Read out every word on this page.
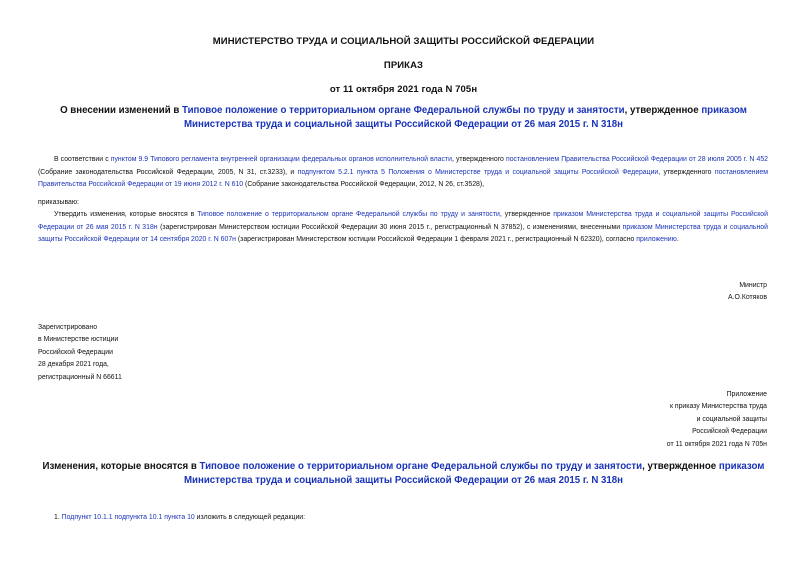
МИНИСТЕРСТВО ТРУДА И СОЦИАЛЬНОЙ ЗАЩИТЫ РОССИЙСКОЙ ФЕДЕРАЦИИ
ПРИКАЗ
от 11 октября 2021 года N 705н
О внесении изменений в Типовое положение о территориальном органе Федеральной службы по труду и занятости, утвержденное приказом Министерства труда и социальной защиты Российской Федерации от 26 мая 2015 г. N 318н
В соответствии с пунктом 9.9 Типового регламента внутренней организации федеральных органов исполнительной власти, утвержденного постановлением Правительства Российской Федерации от 28 июля 2005 г. N 452 (Собрание законодательства Российской Федерации, 2005, N 31, ст.3233), и подпунктом 5.2.1 пункта 5 Положения о Министерстве труда и социальной защиты Российской Федерации, утвержденного постановлением Правительства Российской Федерации от 19 июня 2012 г. N 610 (Собрание законодательства Российской Федерации, 2012, N 26, ст.3528),
приказываю:
Утвердить изменения, которые вносятся в Типовое положение о территориальном органе Федеральной службы по труду и занятости, утвержденное приказом Министерства труда и социальной защиты Российской Федерации от 26 мая 2015 г. N 318н (зарегистрирован Министерством юстиции Российской Федерации 30 июня 2015 г., регистрационный N 37852), с изменениями, внесенными приказом Министерства труда и социальной защиты Российской Федерации от 14 сентября 2020 г. N 607н (зарегистрирован Министерством юстиции Российской Федерации 1 февраля 2021 г., регистрационный N 62320), согласно приложению.
Министр
А.О.Котяков
Зарегистрировано
в Министерстве юстиции
Российской Федерации
28 декабря 2021 года,
регистрационный N 66611
Приложение
к приказу Министерства труда
и социальной защиты
Российской Федерации
от 11 октября 2021 года N 705н
Изменения, которые вносятся в Типовое положение о территориальном органе Федеральной службы по труду и занятости, утвержденное приказом Министерства труда и социальной защиты Российской Федерации от 26 мая 2015 г. N 318н
1. Подпункт 10.1.1 подпункта 10.1 пункта 10 изложить в следующей редакции:
